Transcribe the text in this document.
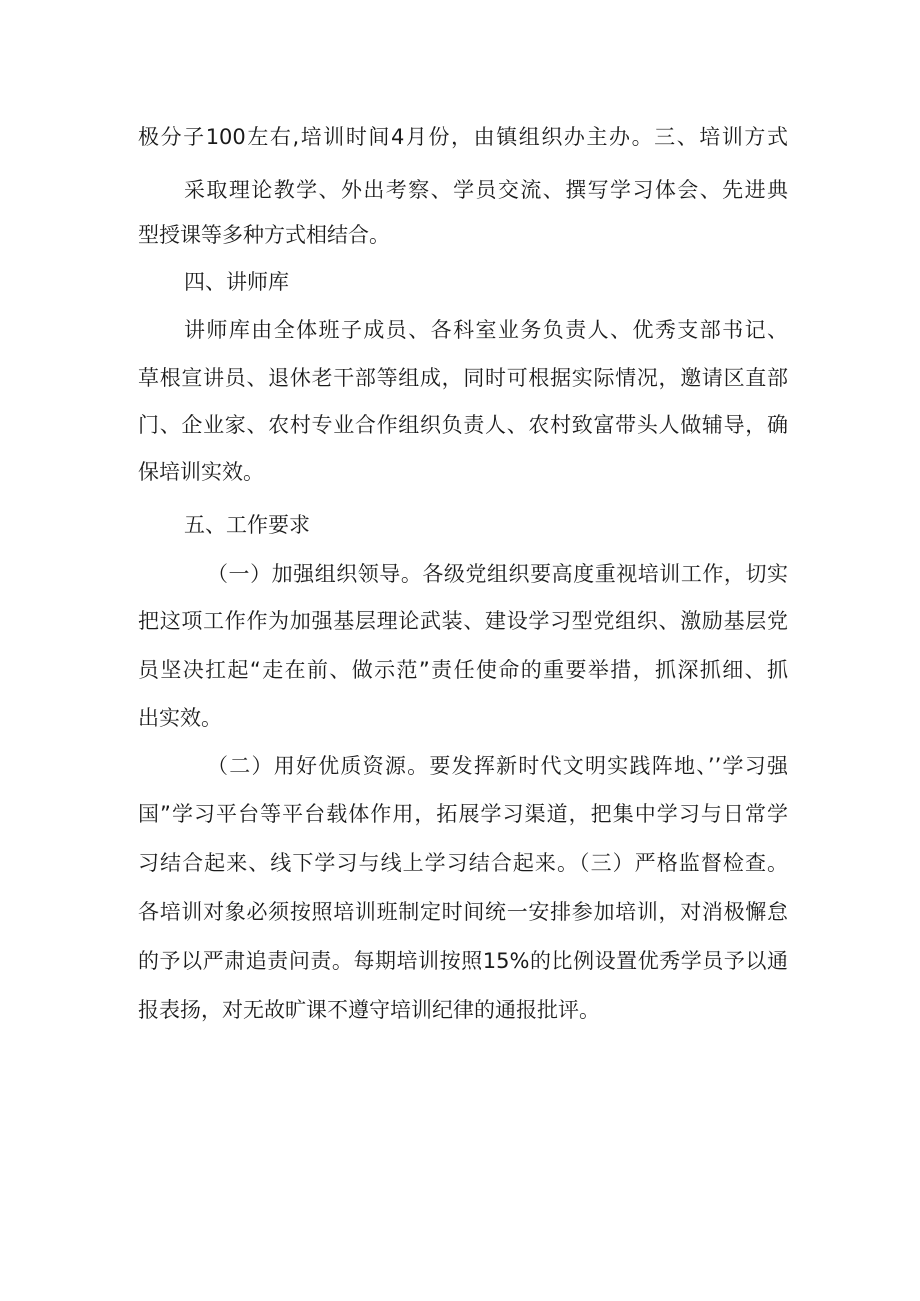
极分子100左右,培训时间4月份，由镇组织办主办。三、培训方式
采取理论教学、外出考察、学员交流、撰写学习体会、先进典
型授课等多种方式相结合。
四、讲师库
讲师库由全体班子成员、各科室业务负责人、优秀支部书记、
草根宣讲员、退休老干部等组成，同时可根据实际情况，邀请区直部
门、企业家、农村专业合作组织负责人、农村致富带头人做辅导，确
保培训实效。
五、工作要求
（一）加强组织领导。各级党组织要高度重视培训工作，切实
把这项工作作为加强基层理论武装、建设学习型党组织、激励基层党
员坚决扛起“走在前、做示范”责任使命的重要举措，抓深抓细、抓
出实效。
（二）用好优质资源。要发挥新时代文明实践阵地、’’学习强
国”学习平台等平台载体作用，拓展学习渠道，把集中学习与日常学
习结合起来、线下学习与线上学习结合起来。（三）严格监督检查。
各培训对象必须按照培训班制定时间统一安排参加培训，对消极懈怠
的予以严肃追责问责。每期培训按照15%的比例设置优秀学员予以通
报表扬，对无故旷课不遵守培训纪律的通报批评。
